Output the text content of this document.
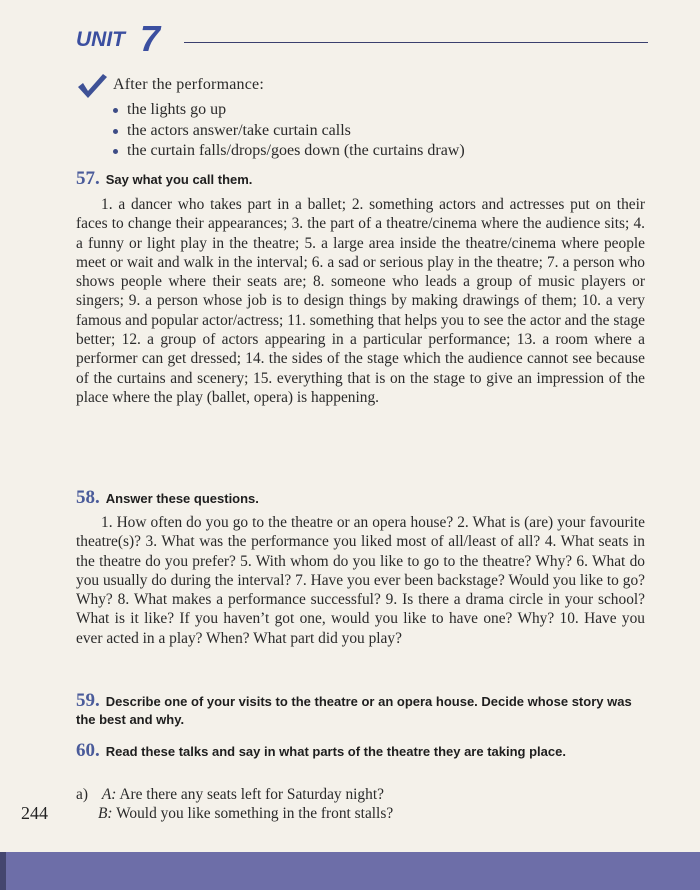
UNIT 7
After the performance:
the lights go up
the actors answer/take curtain calls
the curtain falls/drops/goes down (the curtains draw)
57. Say what you call them.

1. a dancer who takes part in a ballet; 2. something actors and actresses put on their faces to change their appearances; 3. the part of a theatre/cinema where the audience sits; 4. a funny or light play in the theatre; 5. a large area inside the theatre/cinema where people meet or wait and walk in the interval; 6. a sad or serious play in the theatre; 7. a person who shows people where their seats are; 8. someone who leads a group of music players or singers; 9. a person whose job is to design things by making drawings of them; 10. a very famous and popular actor/actress; 11. something that helps you to see the actor and the stage better; 12. a group of actors appearing in a particular performance; 13. a room where a performer can get dressed; 14. the sides of the stage which the audience cannot see because of the curtains and scenery; 15. everything that is on the stage to give an impression of the place where the play (ballet, opera) is happening.

58. Answer these questions.

1. How often do you go to the theatre or an opera house? 2. What is (are) your favourite theatre(s)? 3. What was the performance you liked most of all/least of all? 4. What seats in the theatre do you prefer? 5. With whom do you like to go to the theatre? Why? 6. What do you usually do during the interval? 7. Have you ever been backstage? Would you like to go? Why? 8. What makes a performance successful? 9. Is there a drama circle in your school? What is it like? If you haven’t got one, would you like to have one? Why? 10. Have you ever acted in a play? When? What part did you play?

59. Describe one of your visits to the theatre or an opera house. Decide whose story was the best and why.
60. Read these talks and say in what parts of the theatre they are taking place.
a) A: Are there any seats left for Saturday night?
B: Would you like something in the front stalls?
244
